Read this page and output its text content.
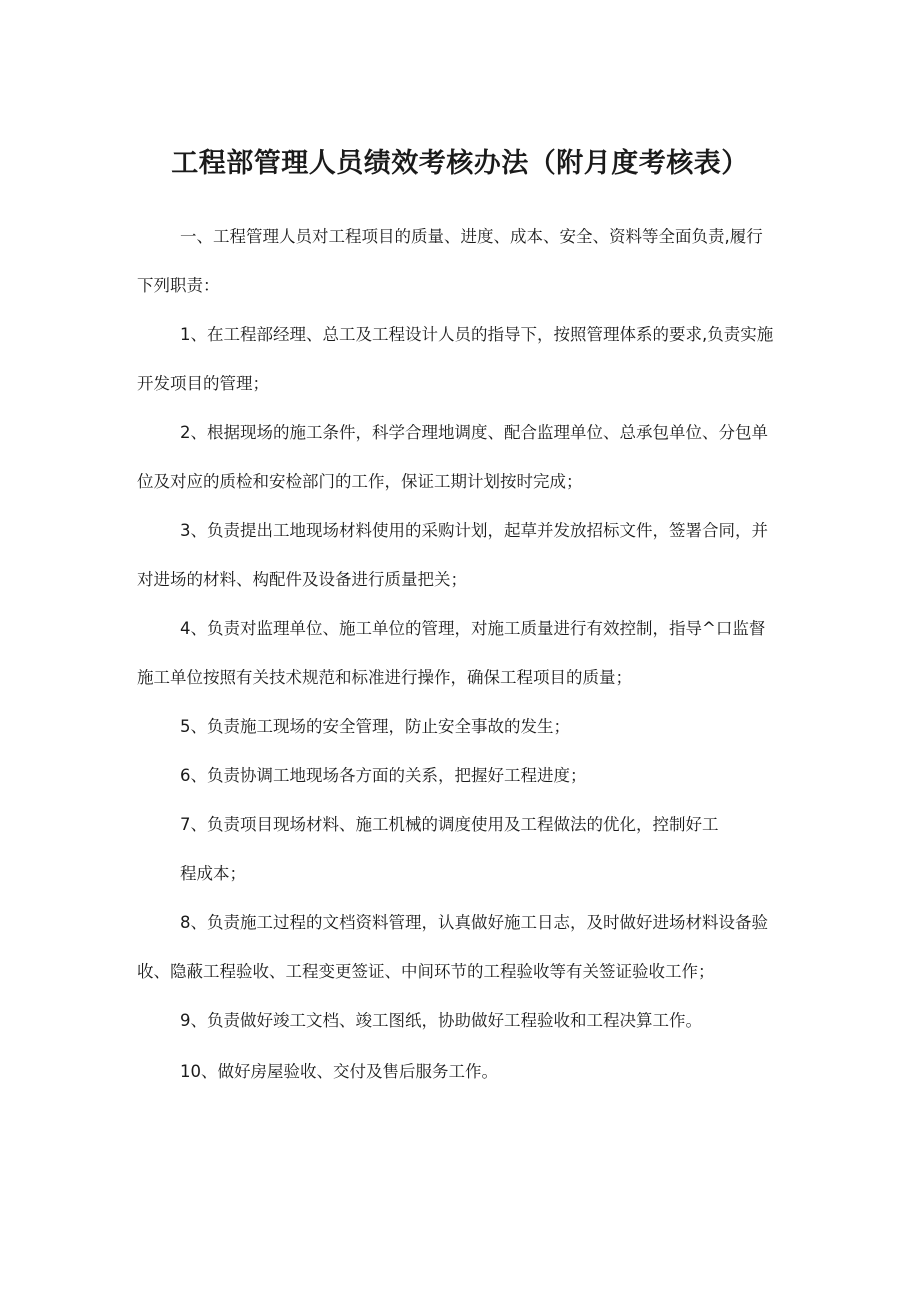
工程部管理人员绩效考核办法（附月度考核表）

一、工程管理人员对工程项目的质量、进度、成本、安全、资料等全面负责,履行
下列职责：

1、在工程部经理、总工及工程设计人员的指导下，按照管理体系的要求,负责实施
开发项目的管理；

2、根据现场的施工条件，科学合理地调度、配合监理单位、总承包单位、分包单
位及对应的质检和安检部门的工作，保证工期计划按时完成；

3、负责提出工地现场材料使用的采购计划，起草并发放招标文件，签署合同，并
对进场的材料、构配件及设备进行质量把关；

4、负责对监理单位、施工单位的管理，对施工质量进行有效控制，指导^口监督
施工单位按照有关技术规范和标准进行操作，确保工程项目的质量；

5、负责施工现场的安全管理，防止安全事故的发生；

6、负责协调工地现场各方面的关系，把握好工程进度；

7、负责项目现场材料、施工机械的调度使用及工程做法的优化，控制好工
程成本；

8、负责施工过程的文档资料管理，认真做好施工日志，及时做好进场材料设备验
收、隐蔽工程验收、工程变更签证、中间环节的工程验收等有关签证验收工作；

9、负责做好竣工文档、竣工图纸，协助做好工程验收和工程决算工作。

10、做好房屋验收、交付及售后服务工作。
